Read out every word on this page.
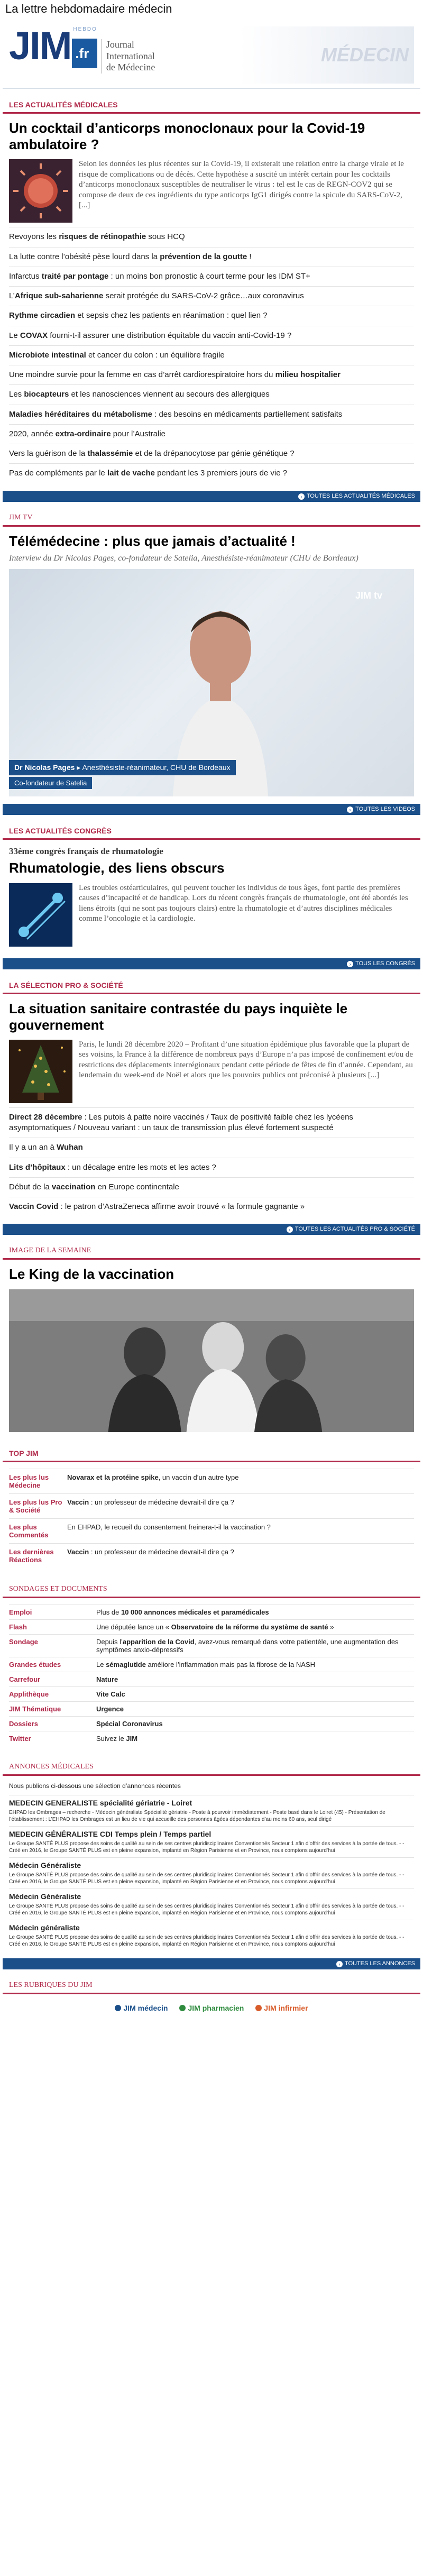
La lettre hebdomadaire médecin
JIM HEBDO
.fr
Journal
International
de Médecine
MÉDECIN
LES ACTUALITÉS MÉDICALES
Un cocktail d’anticorps monoclonaux pour la Covid-19 ambulatoire ?

Selon les données les plus récentes sur la Covid-19, il existerait une relation entre la charge virale et le risque de complications ou de décès. Cette hypothèse a suscité un intérêt certain pour les cocktails d’anticorps monoclonaux susceptibles de neutraliser le virus : tel est le cas de REGN-COV2 qui se compose de deux de ces ingrédients du type anticorps IgG1 dirigés contre la spicule du SARS-CoV-2, [...]

Revoyons les risques de rétinopathie sous HCQ
La lutte contre l’obésité pèse lourd dans la prévention de la goutte !
Infarctus traité par pontage : un moins bon pronostic à court terme pour les IDM ST+
L’Afrique sub-saharienne serait protégée du SARS-CoV-2 grâce…aux coronavirus
Rythme circadien et sepsis chez les patients en réanimation : quel lien ?
Le COVAX fourni-t-il assurer une distribution équitable du vaccin anti-Covid-19 ?
Microbiote intestinal et cancer du colon : un équilibre fragile
Une moindre survie pour la femme en cas d’arrêt cardiorespiratoire hors du milieu hospitalier
Les biocapteurs et les nanosciences viennent au secours des allergiques
Maladies héréditaires du métabolisme : des besoins en médicaments partiellement satisfaits
2020, année extra-ordinaire pour l’Australie
Vers la guérison de la thalassémie et de la drépanocytose par génie génétique ?
Pas de compléments par le lait de vache pendant les 3 premiers jours de vie ?
› TOUTES LES ACTUALITÉS MÉDICALES
JIM TV
Télémédecine : plus que jamais d’actualité !

Interview du Dr Nicolas Pages, co-fondateur de Satelia, Anesthésiste-réanimateur (CHU de Bordeaux)

JIM tv
Dr Nicolas Pages ▸ Anesthésiste-réanimateur, CHU de Bordeaux
Co-fondateur de Satelia
› TOUTES LES VIDEOS
LES ACTUALITÉS CONGRÈS
33ème congrès français de rhumatologie
Rhumatologie, des liens obscurs

Les troubles ostéarticulaires, qui peuvent toucher les individus de tous âges, font partie des premières causes d’incapacité et de handicap. Lors du récent congrès français de rhumatologie, ont été abordés les liens étroits (qui ne sont pas toujours clairs) entre la rhumatologie et d’autres disciplines médicales comme l’oncologie et la cardiologie.

› TOUS LES CONGRÈS
LA SÉLECTION PRO & SOCIÉTÉ
La situation sanitaire contrastée du pays inquiète le gouvernement

Paris, le lundi 28 décembre 2020 – Profitant d’une situation épidémique plus favorable que la plupart de ses voisins, la France à la différence de nombreux pays d’Europe n’a pas imposé de confinement et/ou de restrictions des déplacements interrégionaux pendant cette période de fêtes de fin d’année. Cependant, au lendemain du week-end de Noël et alors que les pouvoirs publics ont préconisé à plusieurs [...]

Direct 28 décembre : Les putois à patte noire vaccinés / Taux de positivité faible chez les lycéens asymptomatiques / Nouveau variant : un taux de transmission plus élevé fortement suspecté
Il y a un an à Wuhan
Lits d’hôpitaux : un décalage entre les mots et les actes ?
Début de la vaccination en Europe continentale
Vaccin Covid : le patron d’AstraZeneca affirme avoir trouvé « la formule gagnante »
› TOUTES LES ACTUALITÉS PRO & SOCIÉTÉ
IMAGE DE LA SEMAINE
Le King de la vaccination
TOP JIM
Les plus lus Médecine	Novarax et la protéine spike, un vaccin d’un autre type
Les plus lus Pro & Société	Vaccin : un professeur de médecine devrait-il dire ça ?
Les plus Commentés	En EHPAD, le recueil du consentement freinera-t-il la vaccination ?
Les dernières Réactions	Vaccin : un professeur de médecine devrait-il dire ça ?
SONDAGES ET DOCUMENTS
Emploi	Plus de 10 000 annonces médicales et paramédicales
Flash	Une députée lance un « Observatoire de la réforme du système de santé »
Sondage	Depuis l’apparition de la Covid, avez-vous remarqué dans votre patientèle, une augmentation des symptômes anxio-dépressifs
Grandes études	Le sémaglutide améliore l’inflammation mais pas la fibrose de la NASH
Carrefour	Nature
Applithèque	Vite Calc
JIM Thématique	Urgence
Dossiers	Spécial Coronavirus
Twitter	Suivez le JIM
ANNONCES MÉDICALES
Nous publions ci-dessous une sélection d’annonces récentes
MEDECIN GENERALISTE spécialité gériatrie - Loiret
EHPAD les Ombrages – recherche - Médecin généraliste Spécialité gériatrie - Poste à pourvoir immédiatement - Poste basé dans le Loiret (45) - Présentation de l’établissement : L’EHPAD les Ombrages est un lieu de vie qui accueille des personnes âgées dépendantes d’au moins 60 ans, seul dirigé
MEDECIN GÉNÉRALISTE CDI Temps plein / Temps partiel
Le Groupe SANTÉ PLUS propose des soins de qualité au sein de ses centres pluridisciplinaires Conventionnés Secteur 1 afin d’offrir des services à la portée de tous. - - Créé en 2016, le Groupe SANTÉ PLUS est en pleine expansion, implanté en Région Parisienne et en Province, nous comptons aujourd’hui
Médecin Généraliste
Le Groupe SANTÉ PLUS propose des soins de qualité au sein de ses centres pluridisciplinaires Conventionnés Secteur 1 afin d’offrir des services à la portée de tous. - - Créé en 2016, le Groupe SANTÉ PLUS est en pleine expansion, implanté en Région Parisienne et en Province, nous comptons aujourd’hui
Médecin Généraliste
Le Groupe SANTÉ PLUS propose des soins de qualité au sein de ses centres pluridisciplinaires Conventionnés Secteur 1 afin d’offrir des services à la portée de tous. - - Créé en 2016, le Groupe SANTÉ PLUS est en pleine expansion, implanté en Région Parisienne et en Province, nous comptons aujourd’hui
Médecin généraliste
Le Groupe SANTÉ PLUS propose des soins de qualité au sein de ses centres pluridisciplinaires Conventionnés Secteur 1 afin d’offrir des services à la portée de tous. - - Créé en 2016, le Groupe SANTÉ PLUS est en pleine expansion, implanté en Région Parisienne et en Province, nous comptons aujourd’hui
› TOUTES LES ANNONCES
LES RUBRIQUES DU JIM
JIM médecin	JIM pharmacien	JIM infirmier
